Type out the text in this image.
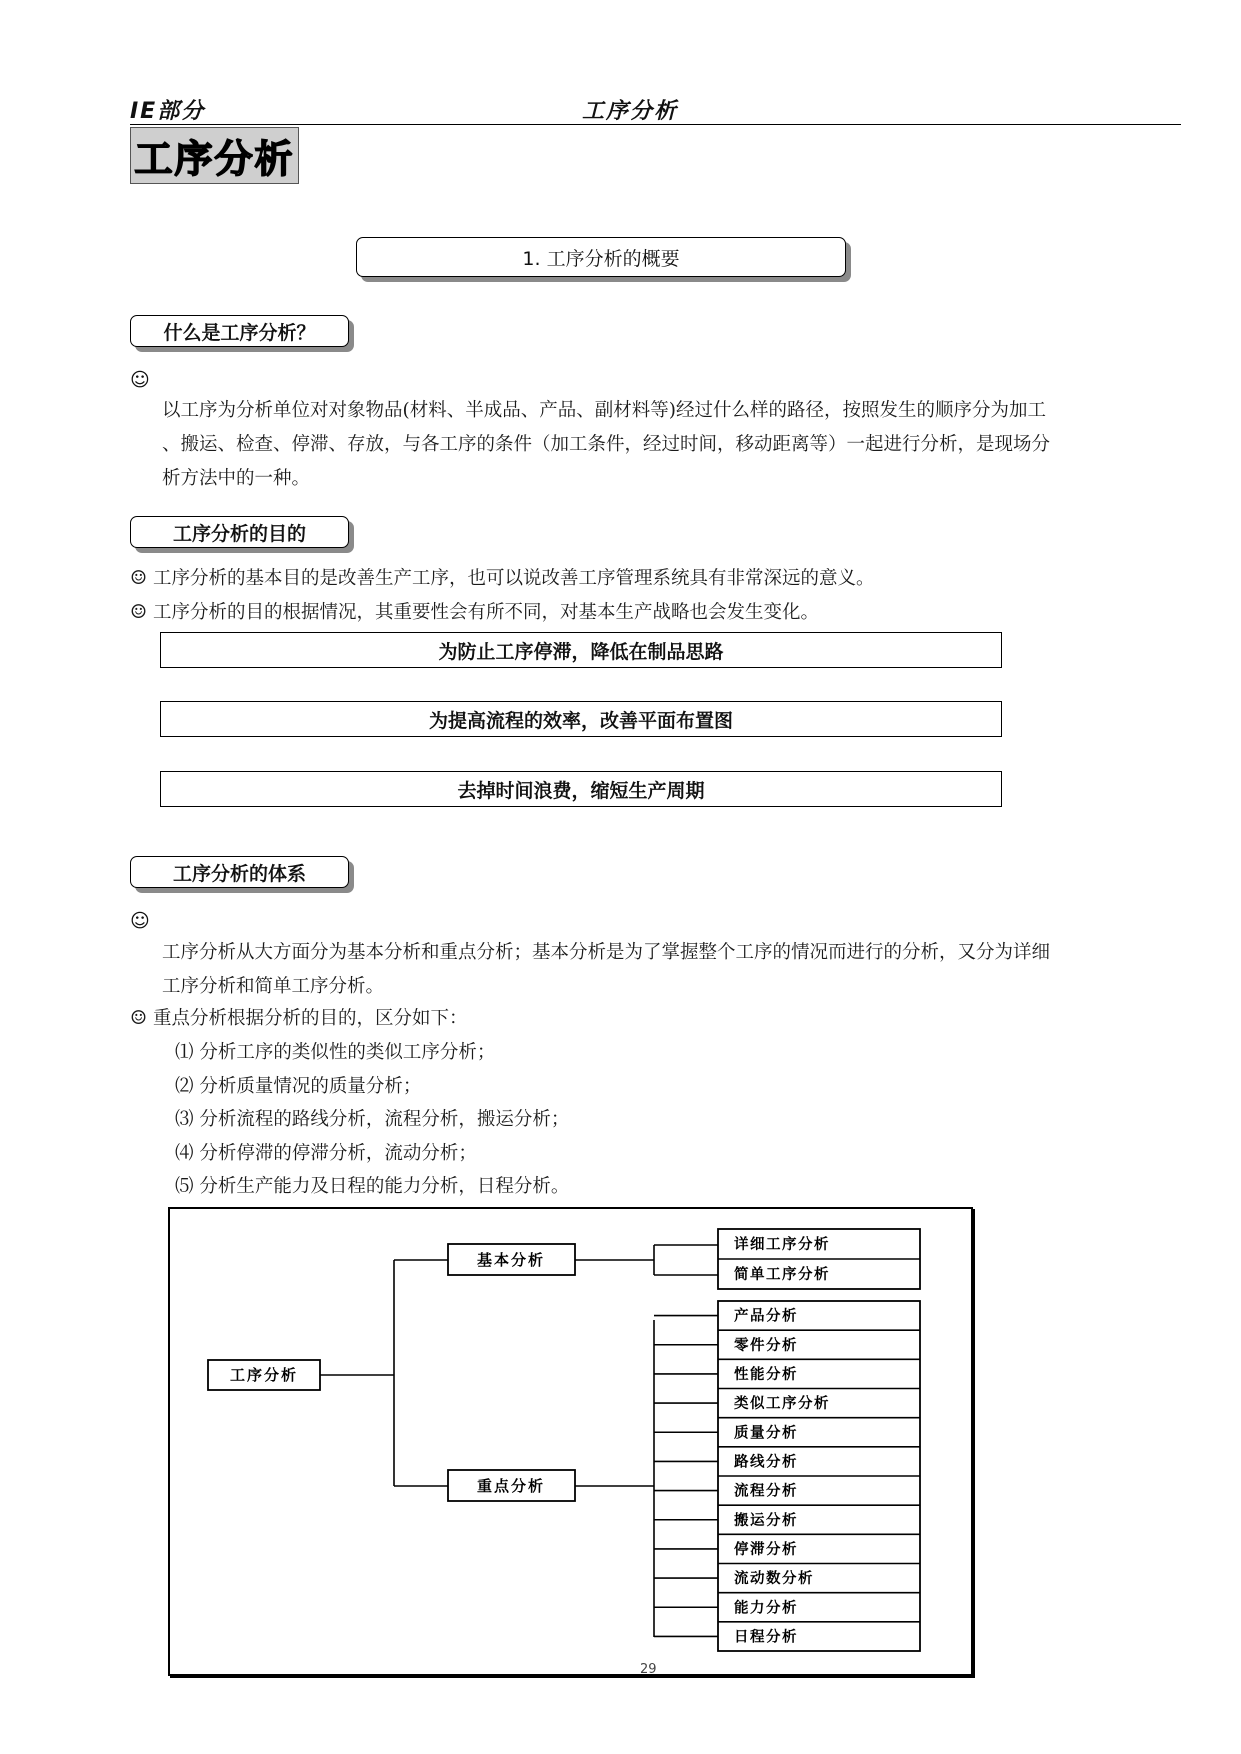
IE部分	工序分析
工序分析
1. 工序分析的概要
什么是工序分析？
☺
以工序为分析单位对对象物品(材料、半成品、产品、副材料等)经过什么样的路径，按照发生的顺序分为加工
、搬运、检查、停滞、存放，与各工序的条件（加工条件，经过时间，移动距离等）一起进行分析，是现场分
析方法中的一种。
工序分析的目的
☺ 工序分析的基本目的是改善生产工序，也可以说改善工序管理系统具有非常深远的意义。
☺ 工序分析的目的根据情况，其重要性会有所不同，对基本生产战略也会发生变化。
为防止工序停滞，降低在制品思路
为提高流程的效率，改善平面布置图
去掉时间浪费，缩短生产周期
工序分析的体系
☺
工序分析从大方面分为基本分析和重点分析；基本分析是为了掌握整个工序的情况而进行的分析，又分为详细
工序分析和简单工序分析。
☺ 重点分析根据分析的目的，区分如下：
⑴ 分析工序的类似性的类似工序分析；
⑵ 分析质量情况的质量分析；
⑶ 分析流程的路线分析，流程分析，搬运分析；
⑷ 分析停滞的停滞分析，流动分析；
⑸ 分析生产能力及日程的能力分析，日程分析。
工序分析
基本分析
重点分析
详细工序分析
简单工序分析
产品分析
零件分析
性能分析
类似工序分析
质量分析
路线分析
流程分析
搬运分析
停滞分析
流动数分析
能力分析
日程分析
29
